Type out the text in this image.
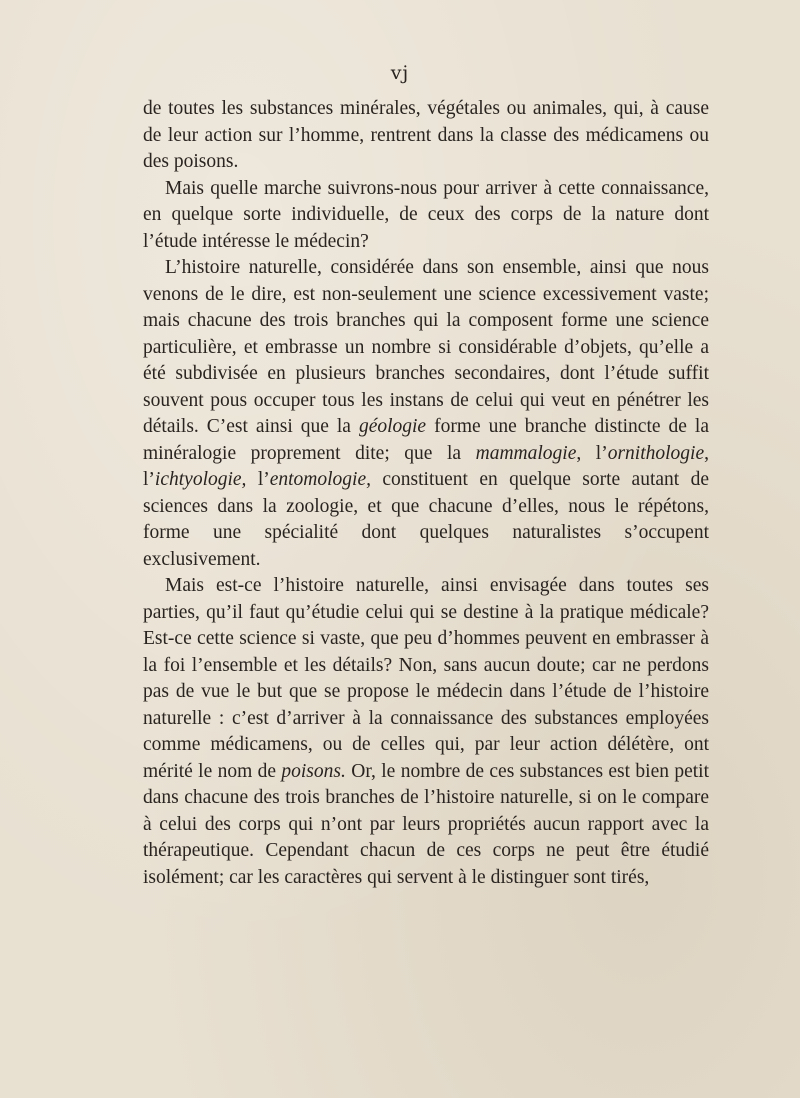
vj

de toutes les substances minérales, végétales ou animales, qui, à cause de leur action sur l’homme, rentrent dans la classe des médicamens ou des poisons.

Mais quelle marche suivrons-nous pour arriver à cette connaissance, en quelque sorte individuelle, de ceux des corps de la nature dont l’étude intéresse le médecin?

L’histoire naturelle, considérée dans son ensemble, ainsi que nous venons de le dire, est non-seulement une science excessivement vaste; mais chacune des trois branches qui la composent forme une science particulière, et embrasse un nombre si considérable d’objets, qu’elle a été subdivisée en plusieurs branches secondaires, dont l’étude suffit souvent pous occuper tous les instans de celui qui veut en pénétrer les détails. C’est ainsi que la géologie forme une branche distincte de la minéralogie proprement dite; que la mammalogie, l’ornithologie, l’ichtyologie, l’entomologie, constituent en quelque sorte autant de sciences dans la zoologie, et que chacune d’elles, nous le répétons, forme une spécialité dont quelques naturalistes s’occupent exclusivement.

Mais est-ce l’histoire naturelle, ainsi envisagée dans toutes ses parties, qu’il faut qu’étudie celui qui se destine à la pratique médicale? Est-ce cette science si vaste, que peu d’hommes peuvent en embrasser à la foi l’ensemble et les détails? Non, sans aucun doute; car ne perdons pas de vue le but que se propose le médecin dans l’étude de l’histoire naturelle : c’est d’arriver à la connaissance des substances employées comme médicamens, ou de celles qui, par leur action délétère, ont mérité le nom de poisons. Or, le nombre de ces substances est bien petit dans chacune des trois branches de l’histoire naturelle, si on le compare à celui des corps qui n’ont par leurs propriétés aucun rapport avec la thérapeutique. Cependant chacun de ces corps ne peut être étudié isolément; car les caractères qui servent à le distinguer sont tirés,
